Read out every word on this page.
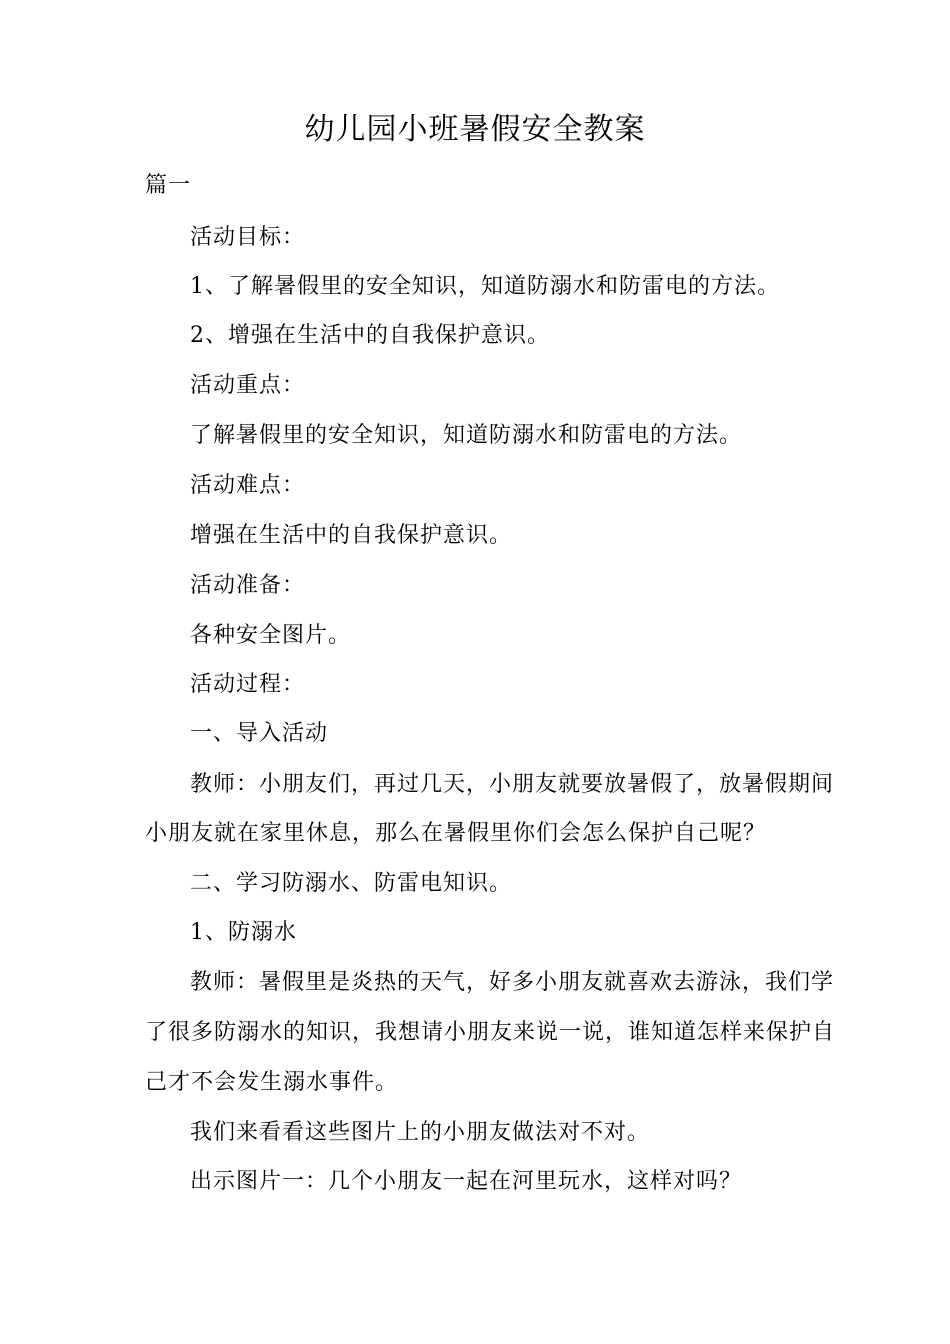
幼儿园小班暑假安全教案
篇一
活动目标：
1、了解暑假里的安全知识，知道防溺水和防雷电的方法。
2、增强在生活中的自我保护意识。
活动重点：
了解暑假里的安全知识，知道防溺水和防雷电的方法。
活动难点：
增强在生活中的自我保护意识。
活动准备：
各种安全图片。
活动过程：
一、导入活动
教师：小朋友们，再过几天，小朋友就要放暑假了，放暑假期间
小朋友就在家里休息，那么在暑假里你们会怎么保护自己呢？
二、学习防溺水、防雷电知识。
1、防溺水
教师：暑假里是炎热的天气，好多小朋友就喜欢去游泳，我们学
了很多防溺水的知识，我想请小朋友来说一说，谁知道怎样来保护自
己才不会发生溺水事件。
我们来看看这些图片上的小朋友做法对不对。
出示图片一：几个小朋友一起在河里玩水，这样对吗？
